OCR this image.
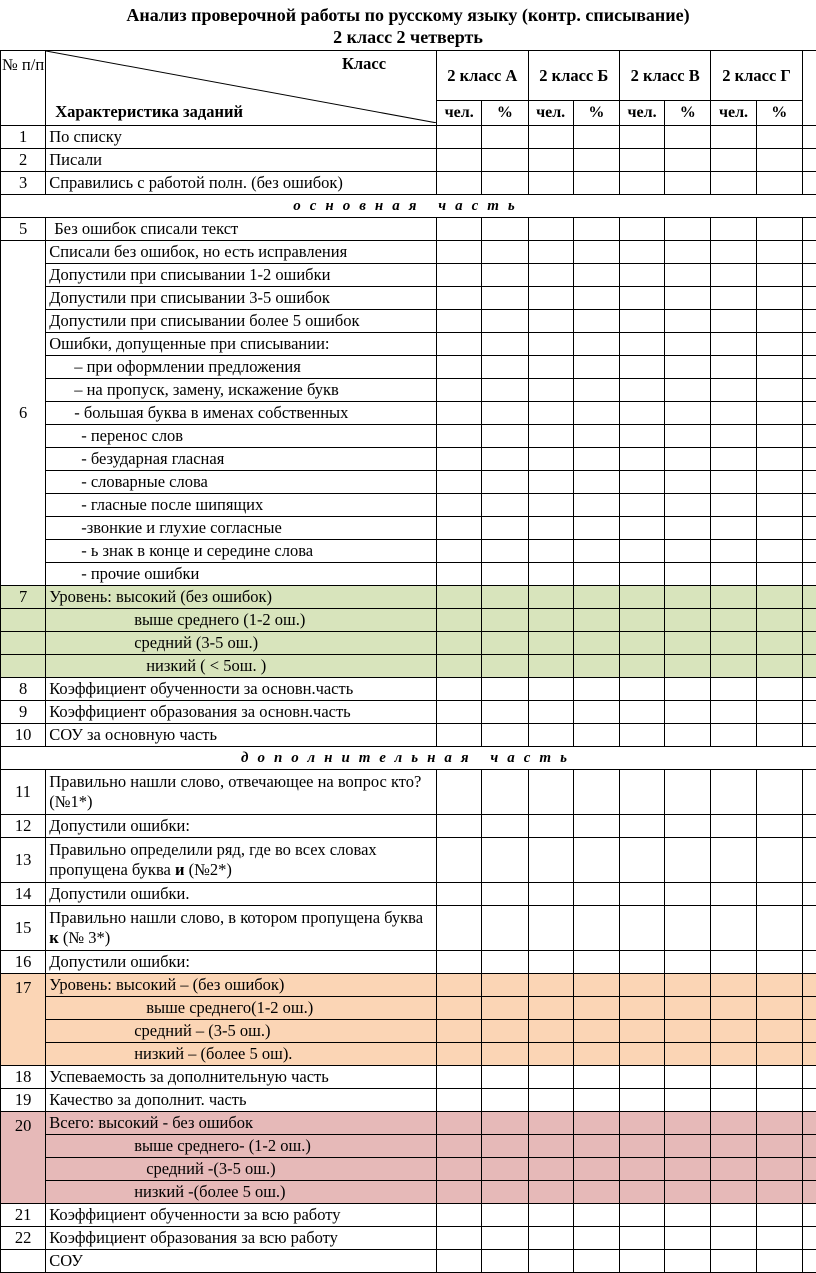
Анализ проверочной работы по русскому языку (контр. списывание)
2 класс 2 четверть
№ п/п	Класс
Характеристика заданий	2 класс А		2 класс Б		2 класс В		2 класс Г		
		чел.	%	чел.	%	чел.	%	чел.	%	
1	По списку									
2	Писали									
3	Справились с работой полн. (без ошибок)									
основная часть										
5	Без ошибок списали текст									
6	Списали без ошибок, но есть исправления									
	Допустили при списывании 1-2 ошибки									
	Допустили при списывании 3-5 ошибок									
	Допустили при списывании более 5 ошибок									
	Ошибки, допущенные при списывании:									
	– при оформлении предложения									
	– на пропуск, замену, искажение букв									
	- большая буква в именах собственных									
	- перенос слов									
	- безударная гласная									
	- словарные слова									
	- гласные после шипящих									
	-звонкие и глухие согласные									
	- ь знак в конце и середине слова									
	- прочие ошибки									
7	Уровень: высокий (без ошибок)									
	выше среднего (1-2 ош.)									
	средний (3-5 ош.)									
	низкий ( < 5ош. )									
8	Коэффициент обученности за основн.часть									
9	Коэффициент образования за основн.часть									
10	СОУ за основную часть									
дополнительная часть										
11	Правильно нашли слово, отвечающее на вопрос кто? (№1*)									
12	Допустили ошибки:									
13	Правильно определили ряд, где во всех словах пропущена буква и (№2*)									
14	Допустили ошибки.									
15	Правильно нашли слово, в котором пропущена буква к (№ 3*)									
16	Допустили ошибки:									
17	Уровень: высокий – (без ошибок)									
	выше среднего(1-2 ош.)									
	средний – (3-5 ош.)									
	низкий – (более 5 ош).									
18	Успеваемость за дополнительную часть									
19	Качество за дополнит. часть									
20	Всего: высокий - без ошибок									
	выше среднего- (1-2 ош.)									
	средний -(3-5 ош.)									
	низкий -(более 5 ош.)									
21	Коэффициент обученности за всю работу									
22	Коэффициент образования за всю работу									
	СОУ									
